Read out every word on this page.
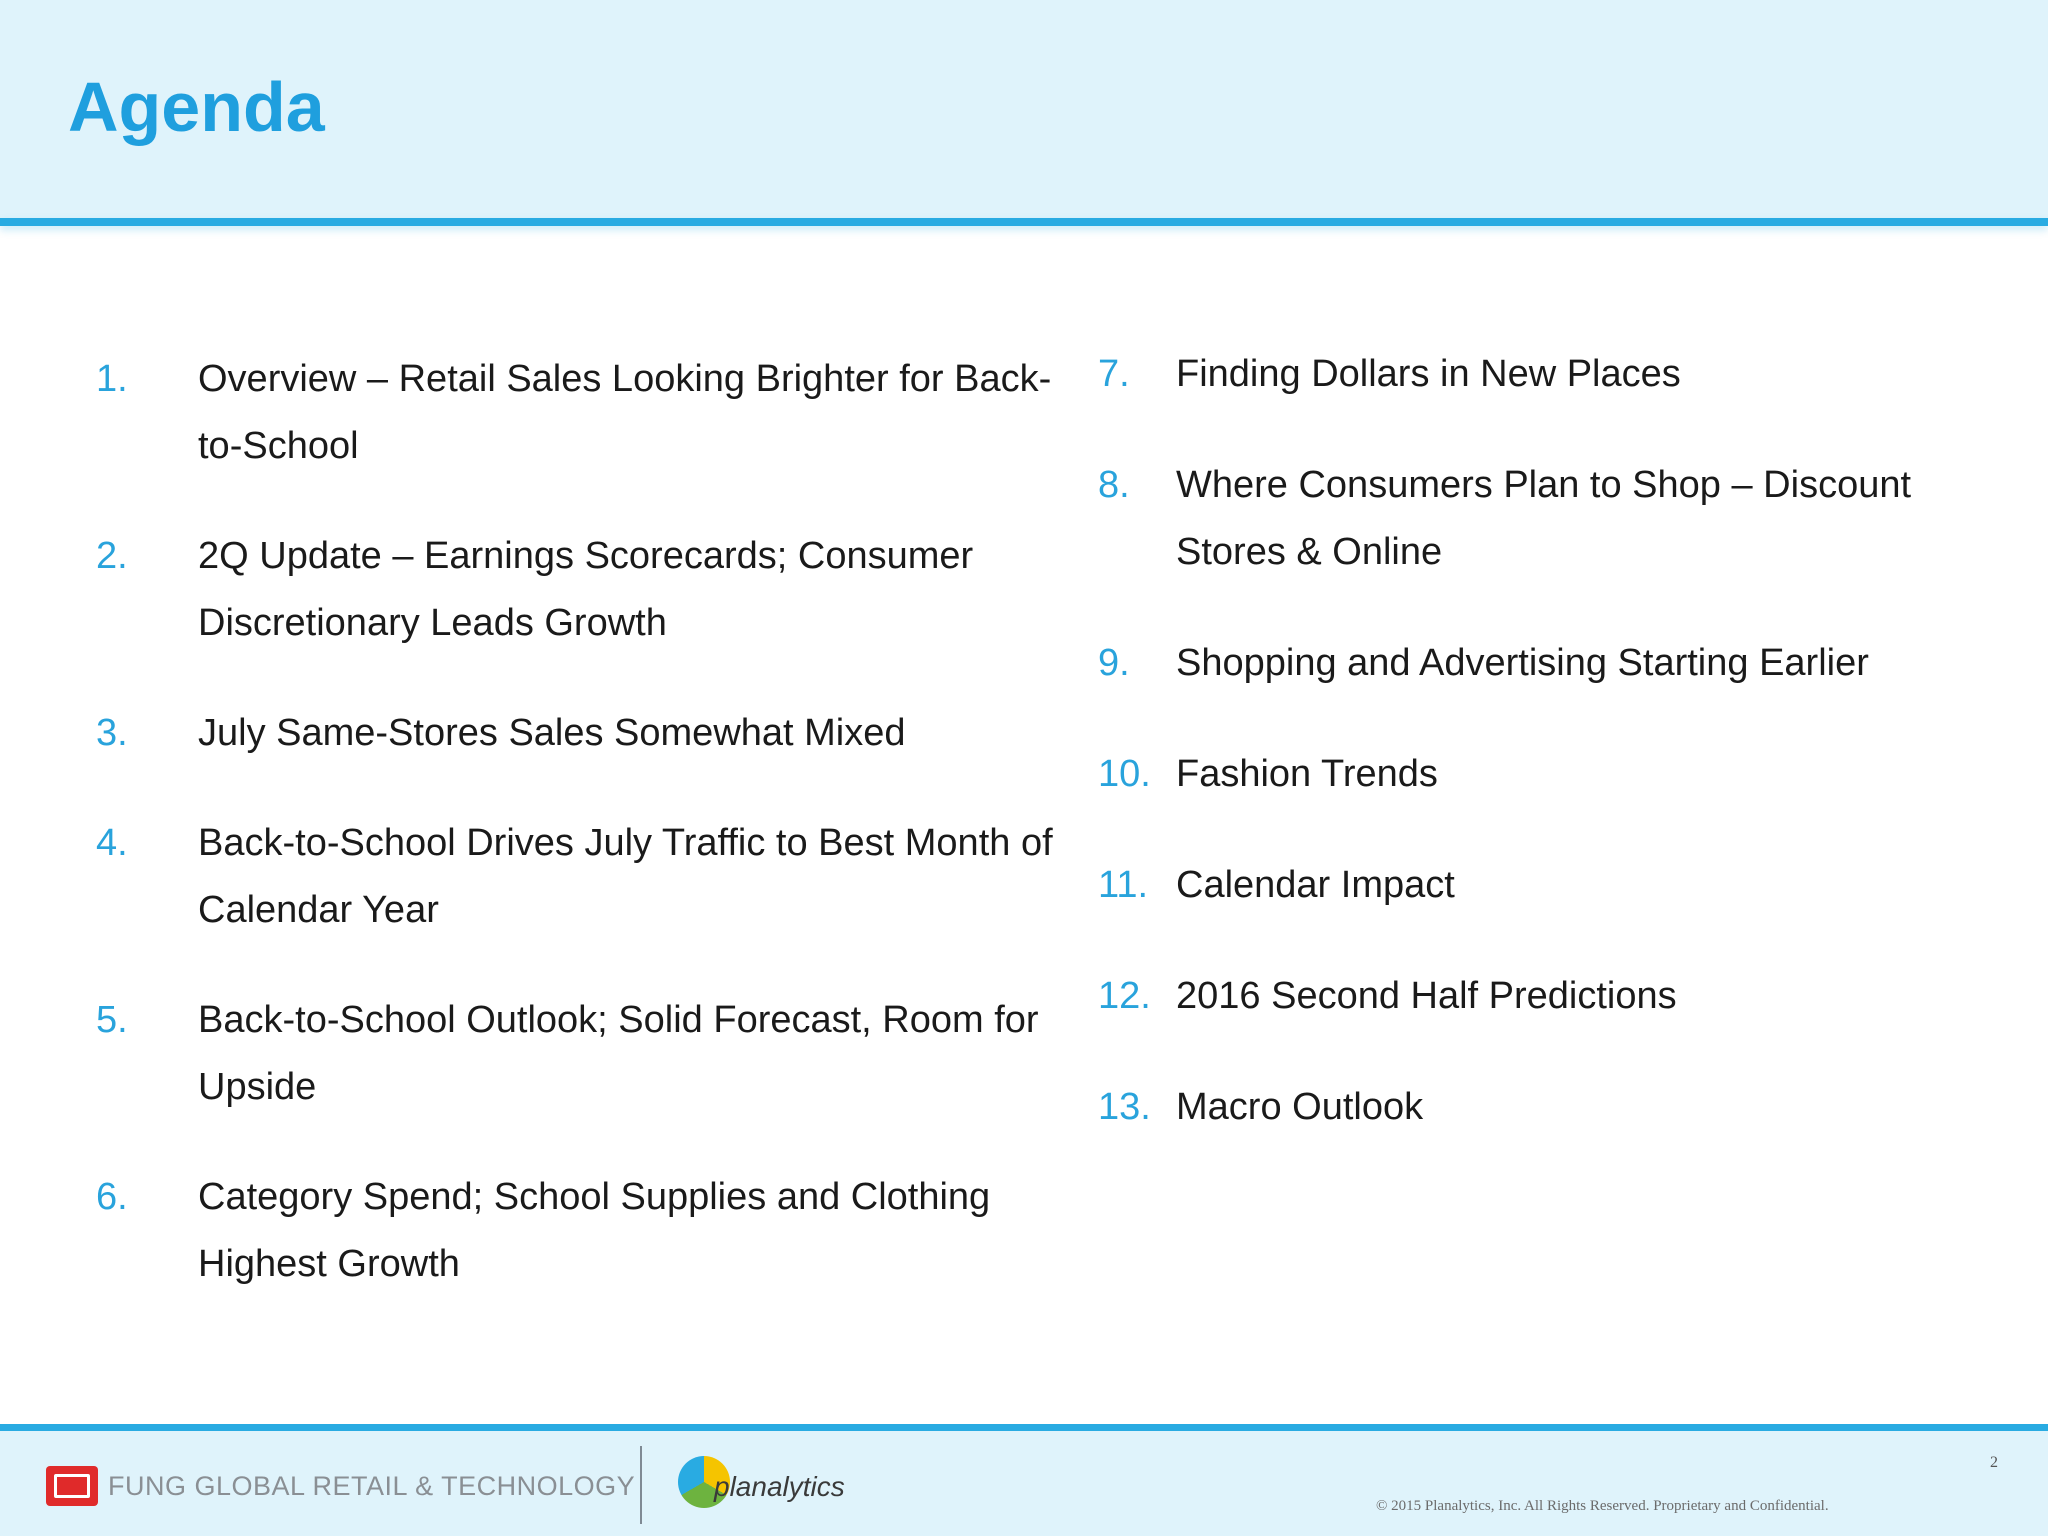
Agenda
1. Overview – Retail Sales Looking Brighter for Back-to-School
2. 2Q Update – Earnings Scorecards; Consumer Discretionary Leads Growth
3. July Same-Stores Sales Somewhat Mixed
4. Back-to-School Drives July Traffic to Best Month of Calendar Year
5. Back-to-School Outlook; Solid Forecast, Room for Upside
6. Category Spend; School Supplies and Clothing Highest Growth
7. Finding Dollars in New Places
8. Where Consumers Plan to Shop – Discount Stores & Online
9. Shopping and Advertising Starting Earlier
10. Fashion Trends
11. Calendar Impact
12. 2016 Second Half Predictions
13. Macro Outlook
FUNG GLOBAL RETAIL & TECHNOLOGY	planalytics
© 2015 Planalytics, Inc. All Rights Reserved. Proprietary and Confidential.
2
